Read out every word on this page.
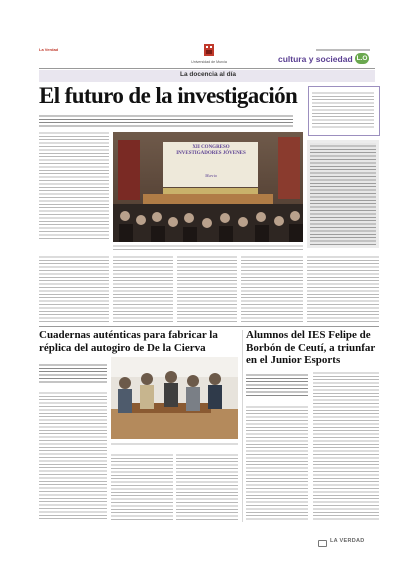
La Verdad
Universidad de Murcia	cultura y sociedad L.O
La docencia al día
El futuro de la investigación
XII CONGRESO INVESTIGADORES JÓVENES
Murcia
Cuadernas auténticas para fabricar la réplica del autogiro de De la Cierva
Alumnos del IES Felipe de Borbón de Ceutí, a triunfar en el Junior Esports
LA VERDAD
